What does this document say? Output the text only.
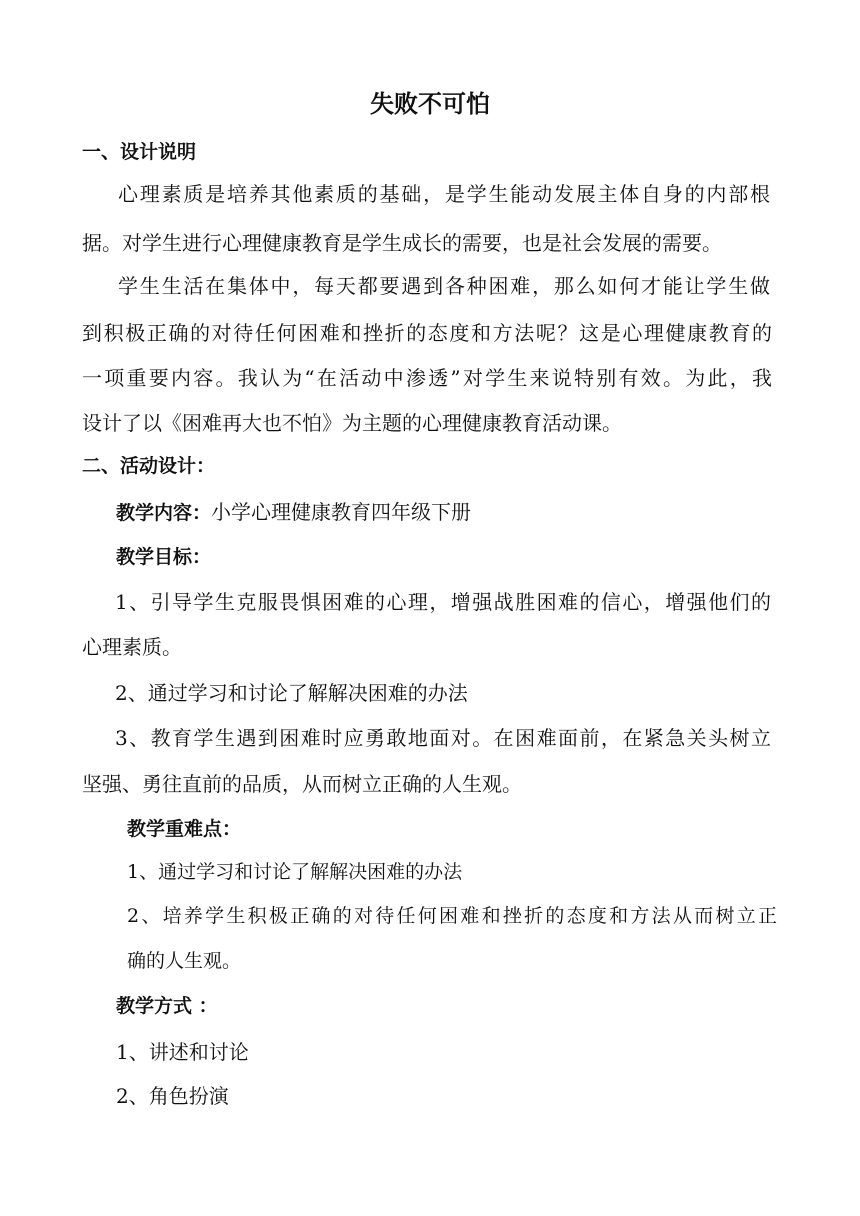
失败不可怕
一、设计说明
心理素质是培养其他素质的基础，是学生能动发展主体自身的内部根
据。对学生进行心理健康教育是学生成长的需要，也是社会发展的需要。
学生生活在集体中，每天都要遇到各种困难，那么如何才能让学生做
到积极正确的对待任何困难和挫折的态度和方法呢？这是心理健康教育的
一项重要内容。我认为“在活动中渗透”对学生来说特别有效。为此，我
设计了以《困难再大也不怕》为主题的心理健康教育活动课。
二、活动设计：
教学内容：小学心理健康教育四年级下册
教学目标：
1、引导学生克服畏惧困难的心理，增强战胜困难的信心，增强他们的
心理素质。
2、通过学习和讨论了解解决困难的办法
3、教育学生遇到困难时应勇敢地面对。在困难面前，在紧急关头树立
坚强、勇往直前的品质，从而树立正确的人生观。
教学重难点：
1、通过学习和讨论了解解决困难的办法
2、培养学生积极正确的对待任何困难和挫折的态度和方法从而树立正
确的人生观。
教学方式 ：
1、讲述和讨论
2、角色扮演
